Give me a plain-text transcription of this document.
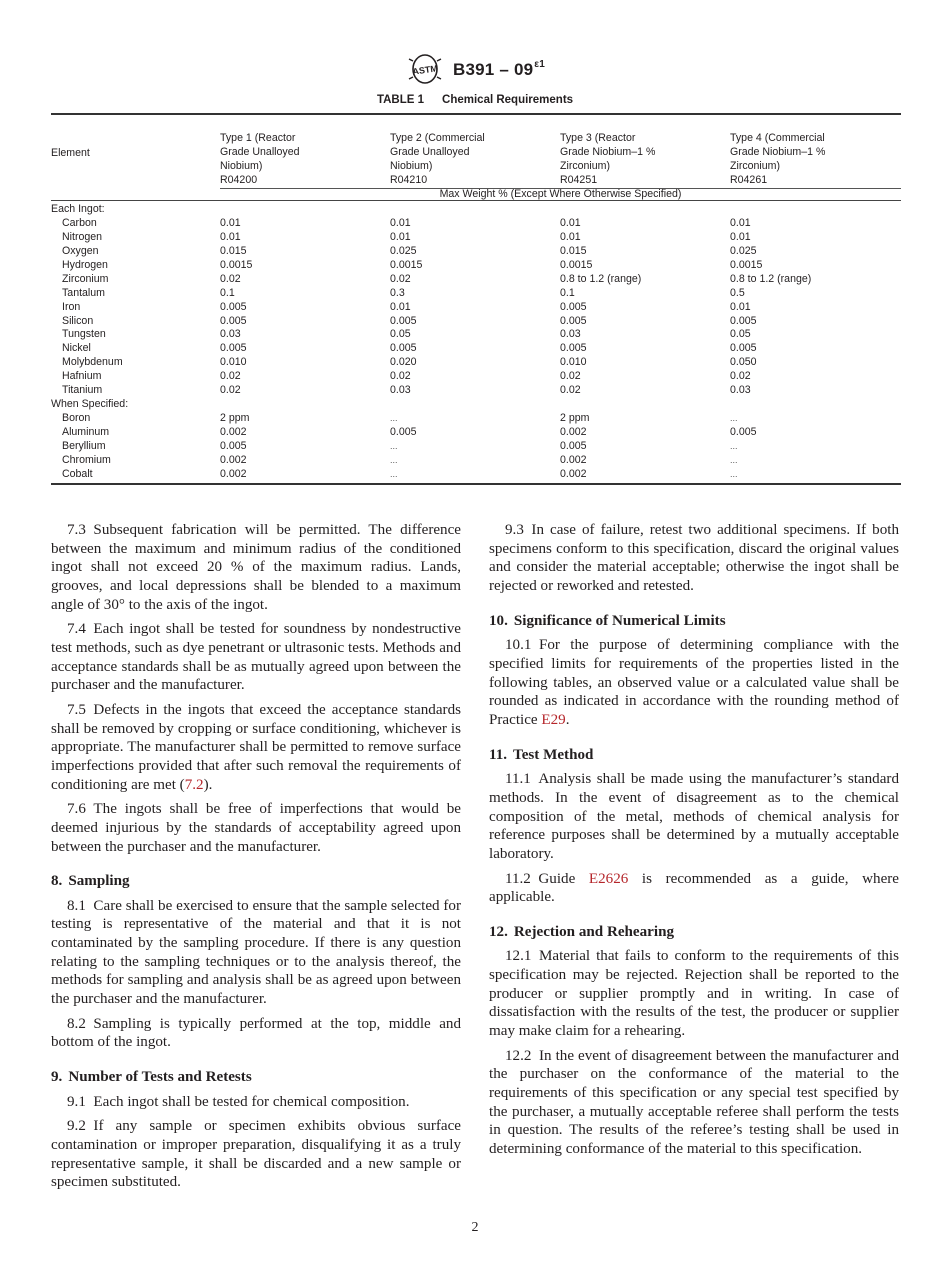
ASTM $B391 - 09^{\varepsilon 1}$
TABLE 1 Chemical Requirements
Element
Type 1 (Reactor
Grade Unalloyed
Niobium)
R04200
Type 2 (Commercial
Grade Unalloyed
Niobium)
R04210
Type 3 (Reactor
Grade Niobium–1 %
Zirconium)
R04251
Type 4 (Commercial
Grade Niobium–1 %
Zirconium)
R04261
Max Weight % (Except Where Otherwise Specified)
Each Ingot:
Carbon	0.01	0.01	0.01	0.01
Nitrogen	0.01	0.01	0.01	0.01
Oxygen	0.015	0.025	0.015	0.025
Hydrogen	0.0015	0.0015	0.0015	0.0015
Zirconium	0.02	0.02	0.8 to 1.2 (range)	0.8 to 1.2 (range)
Tantalum	0.1	0.3	0.1	0.5
Iron	0.005	0.01	0.005	0.01
Silicon	0.005	0.005	0.005	0.005
Tungsten	0.03	0.05	0.03	0.05
Nickel	0.005	0.005	0.005	0.005
Molybdenum	0.010	0.020	0.010	0.050
Hafnium	0.02	0.02	0.02	0.02
Titanium	0.02	0.03	0.02	0.03
When Specified:
Boron	2 ppm	...	2 ppm	...
Aluminum	0.002	0.005	0.002	0.005
Beryllium	0.005	...	0.005	...
Chromium	0.002	...	0.002	...
Cobalt	0.002	...	0.002	...

7.3  Subsequent fabrication will be permitted. The difference between the maximum and minimum radius of the conditioned ingot shall not exceed 20 % of the maximum radius. Lands, grooves, and local depressions shall be blended to a maximum angle of 30° to the axis of the ingot.

7.4  Each ingot shall be tested for soundness by nondestructive test methods, such as dye penetrant or ultrasonic tests. Methods and acceptance standards shall be as mutually agreed upon between the purchaser and the manufacturer.

7.5  Defects in the ingots that exceed the acceptance standards shall be removed by cropping or surface conditioning, whichever is appropriate. The manufacturer shall be permitted to remove surface imperfections provided that after such removal the requirements of conditioning are met (7.2).

7.6  The ingots shall be free of imperfections that would be deemed injurious by the standards of acceptability agreed upon between the purchaser and the manufacturer.

8. Sampling

8.1  Care shall be exercised to ensure that the sample selected for testing is representative of the material and that it is not contaminated by the sampling procedure. If there is any question relating to the sampling techniques or to the analysis thereof, the methods for sampling and analysis shall be as agreed upon between the purchaser and the manufacturer.

8.2  Sampling is typically performed at the top, middle and bottom of the ingot.

9. Number of Tests and Retests

9.1  Each ingot shall be tested for chemical composition.

9.2  If any sample or specimen exhibits obvious surface contamination or improper preparation, disqualifying it as a truly representative sample, it shall be discarded and a new sample or specimen substituted.

9.3  In case of failure, retest two additional specimens. If both specimens conform to this specification, discard the original values and consider the material acceptable; otherwise the ingot shall be rejected or reworked and retested.

10. Significance of Numerical Limits

10.1  For the purpose of determining compliance with the specified limits for requirements of the properties listed in the following tables, an observed value or a calculated value shall be rounded as indicated in accordance with the rounding method of Practice E29.

11. Test Method

11.1  Analysis shall be made using the manufacturer’s standard methods. In the event of disagreement as to the chemical composition of the metal, methods of chemical analysis for reference purposes shall be determined by a mutually acceptable laboratory.

11.2  Guide E2626 is recommended as a guide, where applicable.

12. Rejection and Rehearing

12.1  Material that fails to conform to the requirements of this specification may be rejected. Rejection shall be reported to the producer or supplier promptly and in writing. In case of dissatisfaction with the results of the test, the producer or supplier may make claim for a rehearing.

12.2  In the event of disagreement between the manufacturer and the purchaser on the conformance of the material to the requirements of this specification or any special test specified by the purchaser, a mutually acceptable referee shall perform the tests in question. The results of the referee’s testing shall be used in determining conformance of the material to this specification.

2
